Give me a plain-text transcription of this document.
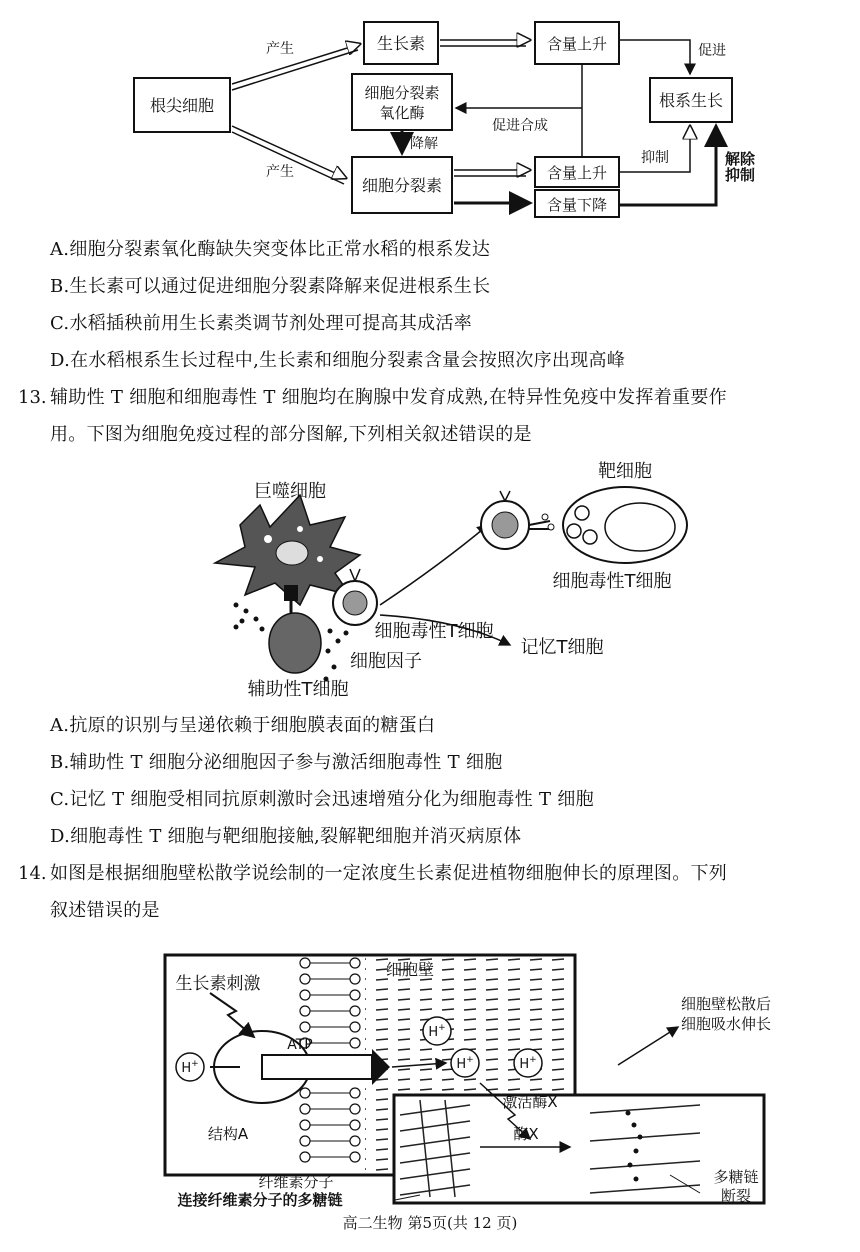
根尖细胞
产生
产生
生长素	含量上升	促进
根系生长
细胞分裂素
氧化酶
促进合成
降解
细胞分裂素
含量上升
含量下降
抑制	解除
抑制
A.细胞分裂素氧化酶缺失突变体比正常水稻的根系发达
B.生长素可以通过促进细胞分裂素降解来促进根系生长
C.水稻插秧前用生长素类调节剂处理可提高其成活率
D.在水稻根系生长过程中,生长素和细胞分裂素含量会按照次序出现高峰
13. 辅助性 T 细胞和细胞毒性 T 细胞均在胸腺中发育成熟,在特异性免疫中发挥着重要作
用。下图为细胞免疫过程的部分图解,下列相关叙述错误的是
巨噬细胞
靶细胞
细胞毒性T细胞
细胞毒性T细胞
记忆T细胞
细胞因子
辅助性T细胞
A.抗原的识别与呈递依赖于细胞膜表面的糖蛋白
B.辅助性 T 细胞分泌细胞因子参与激活细胞毒性 T 细胞
C.记忆 T 细胞受相同抗原刺激时会迅速增殖分化为细胞毒性 T 细胞
D.细胞毒性 T 细胞与靶细胞接触,裂解靶细胞并消灭病原体
14. 如图是根据细胞壁松散学说绘制的一定浓度生长素促进植物细胞伸长的原理图。下列
叙述错误的是
生长素刺激
细胞壁
H+
H+
H+	H+
ATP
激活酶X
结构A
细胞壁松散后
细胞吸水伸长
酶X
纤维素分子
连接纤维素分子的多糖链
多糖链
断裂
高二生物 第5页(共 12 页)
